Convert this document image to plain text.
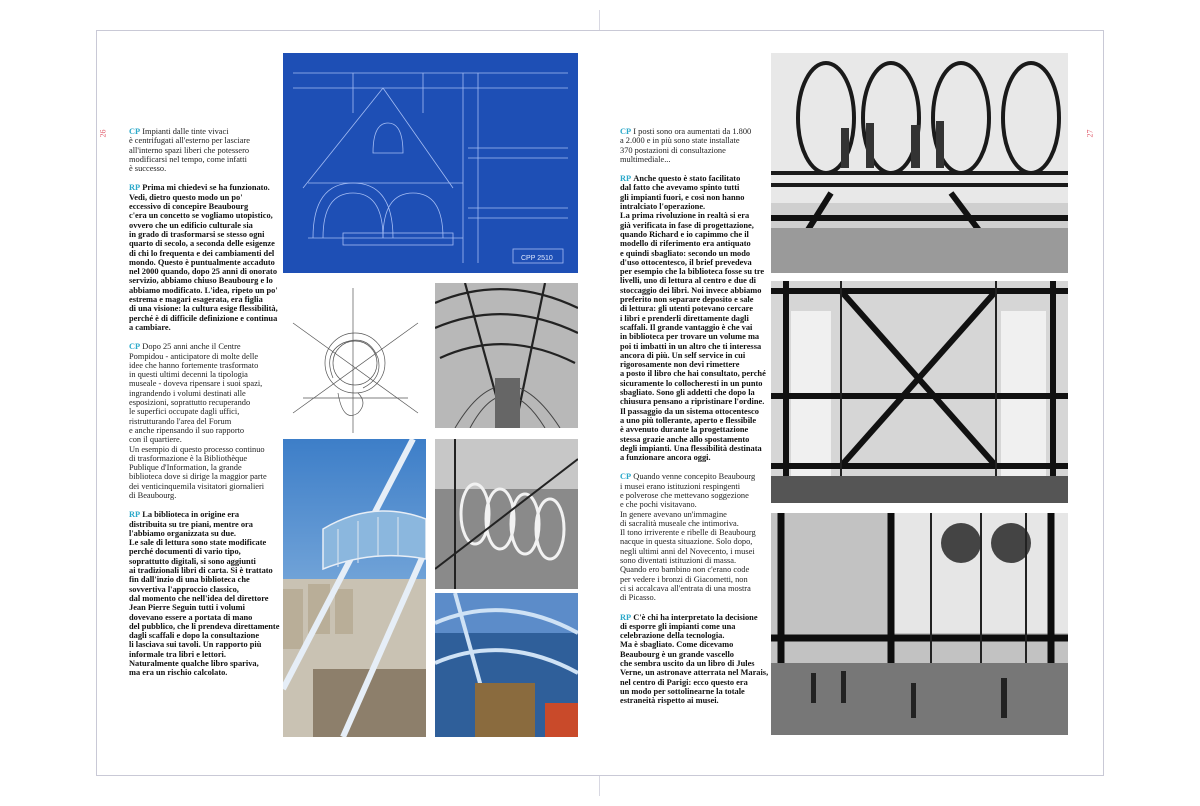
26	CP Impianti dalle tinte vivaci
è centrifugati all'esterno per lasciare
all'interno spazi liberi che potessero
modificarsi nel tempo, come infatti
è successo.

RP Prima mi chiedevi se ha funzionato.
Vedi, dietro questo modo un po'
eccessivo di concepire Beaubourg
c'era un concetto se vogliamo utopistico,
ovvero che un edificio culturale sia
in grado di trasformarsi se stesso ogni
quarto di secolo, a seconda delle esigenze
di chi lo frequenta e dei cambiamenti del
mondo. Questo è puntualmente accaduto
nel 2000 quando, dopo 25 anni di onorato
servizio, abbiamo chiuso Beaubourg e lo
abbiamo modificato. L'idea, ripeto un po'
estrema e magari esagerata, era figlia
di una visione: la cultura esige flessibilità,
perché è di difficile definizione e continua
a cambiare.

CP Dopo 25 anni anche il Centre
Pompidou - anticipatore di molte delle
idee che hanno fortemente trasformato
in questi ultimi decenni la tipologia
museale - doveva ripensare i suoi spazi,
ingrandendo i volumi destinati alle
esposizioni, soprattutto recuperando
le superfici occupate dagli uffici,
ristrutturando l'area del Forum
e anche ripensando il suo rapporto
con il quartiere.
Un esempio di questo processo continuo
di trasformazione è la Bibliothèque
Publique d'Information, la grande
biblioteca dove si dirige la maggior parte
dei venticinquemila visitatori giornalieri
di Beaubourg.

RP La biblioteca in origine era
distribuita su tre piani, mentre ora
l'abbiamo organizzata su due.
Le sale di lettura sono state modificate
perché documenti di vario tipo,
soprattutto digitali, si sono aggiunti
ai tradizionali libri di carta. Si è trattato
fin dall'inzio di una biblioteca che
sovvertiva l'approccio classico,
dal momento che nell'idea del direttore
Jean Pierre Seguin tutti i volumi
dovevano essere a portata di mano
del pubblico, che li prendeva direttamente
dagli scaffali e dopo la consultazione
li lasciava sui tavoli. Un rapporto più
informale tra libri e lettori.
Naturalmente qualche libro spariva,
ma era un rischio calcolato.

CPP 2510
27

CP I posti sono ora aumentati da 1.800
a 2.000 e in più sono state installate
370 postazioni di consultazione
multimediale...

RP Anche questo è stato facilitato
dal fatto che avevamo spinto tutti
gli impianti fuori, e così non hanno
intralciato l'operazione.
La prima rivoluzione in realtà si era
già verificata in fase di progettazione,
quando Richard e io capimmo che il
modello di riferimento era antiquato
e quindi sbagliato: secondo un modo
d'uso ottocentesco, il brief prevedeva
per esempio che la biblioteca fosse su tre
livelli, uno di lettura al centro e due di
stoccaggio dei libri. Noi invece abbiamo
preferito non separare deposito e sale
di lettura: gli utenti potevano cercare
i libri e prenderli direttamente dagli
scaffali. Il grande vantaggio è che vai
in biblioteca per trovare un volume ma
poi ti imbatti in un altro che ti interessa
ancora di più. Un self service in cui
rigorosamente non devi rimettere
a posto il libro che hai consultato, perché
sicuramente lo collocheresti in un punto
sbagliato. Sono gli addetti che dopo la
chiusura pensano a ripristinare l'ordine.
Il passaggio da un sistema ottocentesco
a uno più tollerante, aperto e flessibile
è avvenuto durante la progettazione
stessa grazie anche allo spostamento
degli impianti. Una flessibilità destinata
a funzionare ancora oggi.

CP Quando venne concepito Beaubourg
i musei erano istituzioni respingenti
e polverose che mettevano soggezione
e che pochi visitavano.
In genere avevano un'immagine
di sacralità museale che intimoriva.
Il tono irriverente e ribelle di Beaubourg
nacque in questa situazione. Solo dopo,
negli ultimi anni del Novecento, i musei
sono diventati istituzioni di massa.
Quando ero bambino non c'erano code
per vedere i bronzi di Giacometti, non
ci si accalcava all'entrata di una mostra
di Picasso.

RP C'è chi ha interpretato la decisione
di esporre gli impianti come una
celebrazione della tecnologia.
Ma è sbagliato. Come dicevamo
Beaubourg è un grande vascello
che sembra uscito da un libro di Jules
Verne, un astronave atterrata nel Marais,
nel centro di Parigi: ecco questo era
un modo per sottolinearne la totale
estraneità rispetto ai musei.
